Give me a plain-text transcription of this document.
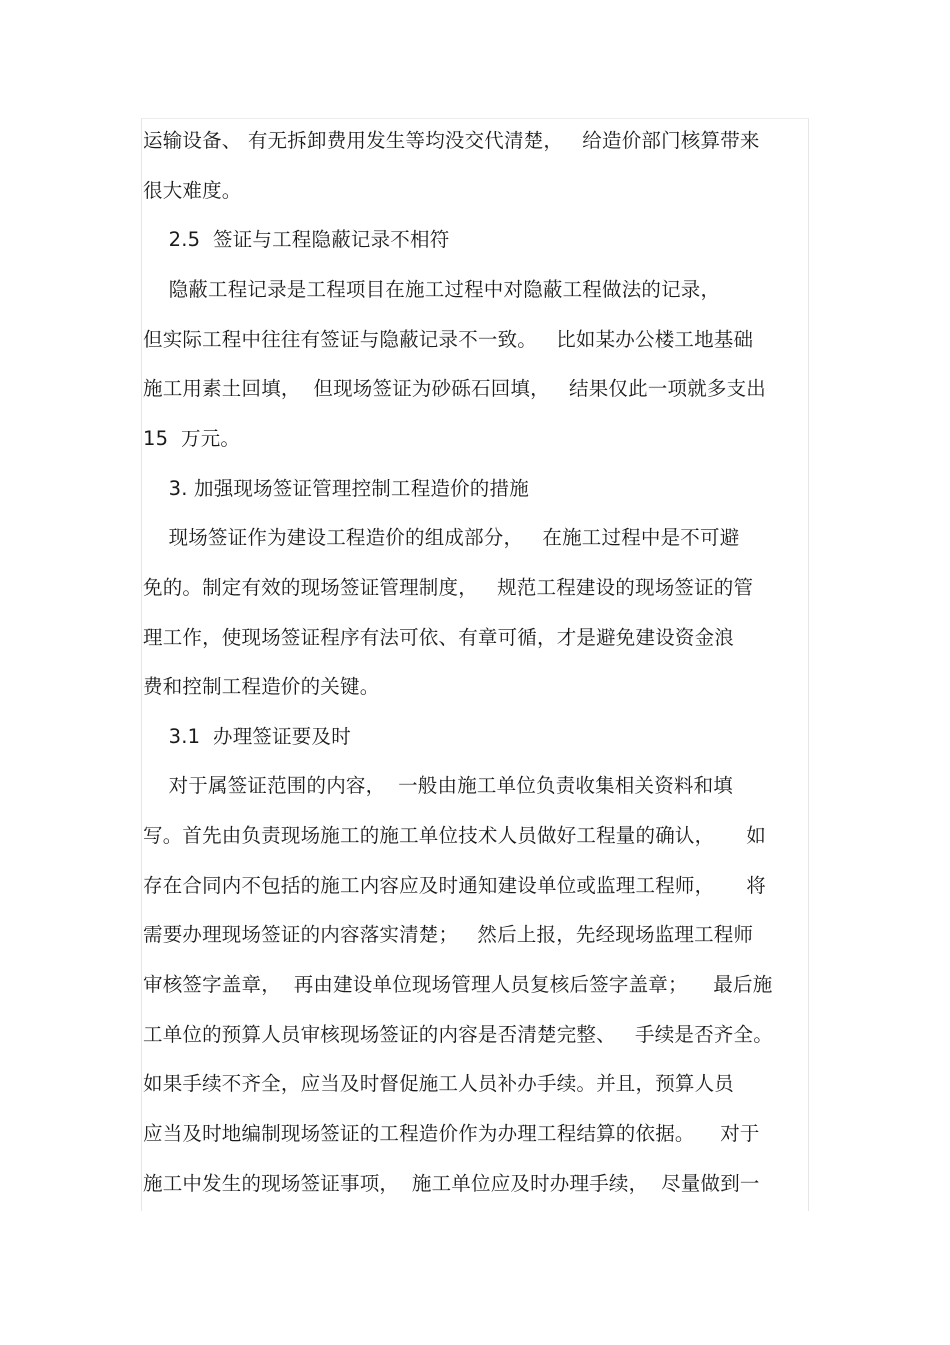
运输设备、 有无拆卸费用发生等均没交代清楚，   给造价部门核算带来
很大难度。
2.5  签证与工程隐蔽记录不相符
隐蔽工程记录是工程项目在施工过程中对隐蔽工程做法的记录，
但实际工程中往往有签证与隐蔽记录不一致。   比如某办公楼工地基础
施工用素土回填，  但现场签证为砂砾石回填，   结果仅此一项就多支出
15  万元。
3. 加强现场签证管理控制工程造价的措施
现场签证作为建设工程造价的组成部分，   在施工过程中是不可避
免的。制定有效的现场签证管理制度，   规范工程建设的现场签证的管
理工作，使现场签证程序有法可依、有章可循，才是避免建设资金浪
费和控制工程造价的关键。
3.1  办理签证要及时
对于属签证范围的内容，  一般由施工单位负责收集相关资料和填
写。首先由负责现场施工的施工单位技术人员做好工程量的确认，     如
存在合同内不包括的施工内容应及时通知建设单位或监理工程师，     将
需要办理现场签证的内容落实清楚；   然后上报，先经现场监理工程师
审核签字盖章，  再由建设单位现场管理人员复核后签字盖章；    最后施
工单位的预算人员审核现场签证的内容是否清楚完整、   手续是否齐全。
如果手续不齐全，应当及时督促施工人员补办手续。并且，预算人员
应当及时地编制现场签证的工程造价作为办理工程结算的依据。    对于
施工中发生的现场签证事项，  施工单位应及时办理手续，  尽量做到一
